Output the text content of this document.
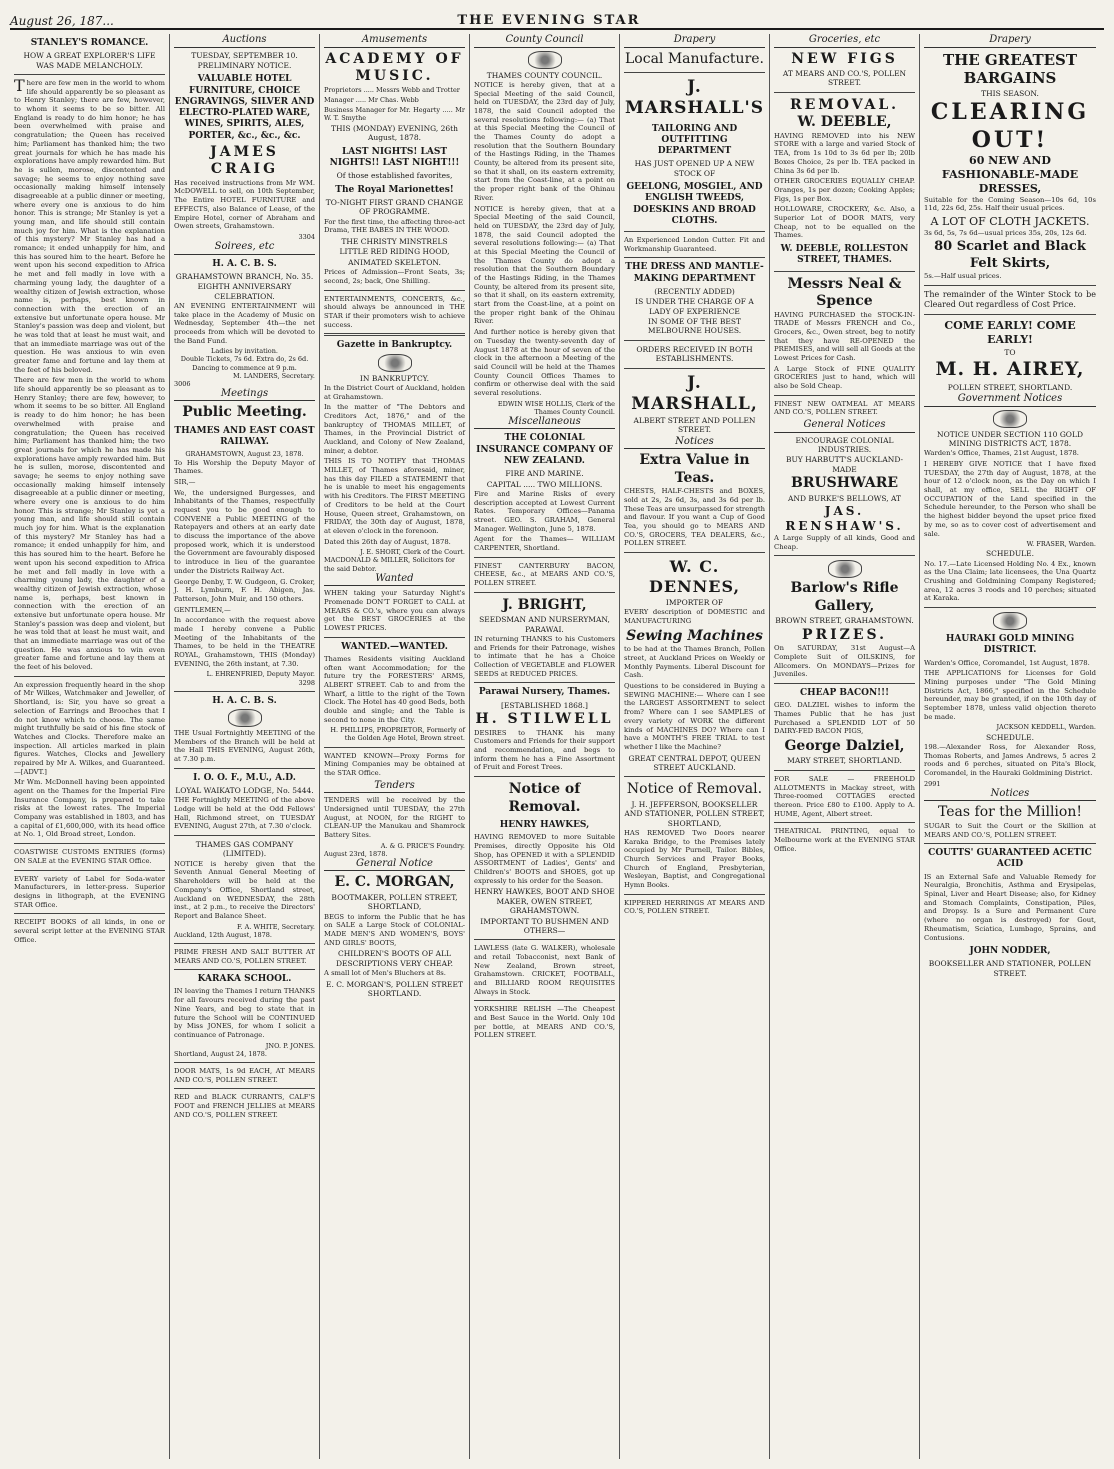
August 26, 187...	THE EVENING STAR
STANLEY'S ROMANCE.
HOW A GREAT EXPLORER'S LIFE WAS MADE MELANCHOLY.

There are few men in the world to whom life should apparently be so pleasant as to Henry Stanley; there are few, however, to whom it seems to be so bitter. All England is ready to do him honor; he has been overwhelmed with praise and congratulation; the Queen has received him; Parliament has thanked him; the two great journals for which he has made his explorations have amply rewarded him. But he is sullen, morose, discontented and savage; he seems to enjoy nothing save occasionally making himself intensely disagreeable at a public dinner or meeting, where every one is anxious to do him honor. This is strange; Mr Stanley is yet a young man, and life should still contain much joy for him. What is the explanation of this mystery? Mr Stanley has had a romance; it ended unhappily for him, and this has soured him to the heart. Before he went upon his second expedition to Africa he met and fell madly in love with a charming young lady, the daughter of a wealthy citizen of Jewish extraction, whose name is, perhaps, best known in connection with the erection of an extensive but unfortunate opera house. Mr Stanley's passion was deep and violent, but he was told that at least he must wait, and that an immediate marriage was out of the question. He was anxious to win even greater fame and fortune and lay them at the feet of his beloved.

There are few men in the world to whom life should apparently be so pleasant as to Henry Stanley; there are few, however, to whom it seems to be so bitter. All England is ready to do him honor; he has been overwhelmed with praise and congratulation; the Queen has received him; Parliament has thanked him; the two great journals for which he has made his explorations have amply rewarded him. But he is sullen, morose, discontented and savage; he seems to enjoy nothing save occasionally making himself intensely disagreeable at a public dinner or meeting, where every one is anxious to do him honor. This is strange; Mr Stanley is yet a young man, and life should still contain much joy for him. What is the explanation of this mystery? Mr Stanley has had a romance; it ended unhappily for him, and this has soured him to the heart. Before he went upon his second expedition to Africa he met and fell madly in love with a charming young lady, the daughter of a wealthy citizen of Jewish extraction, whose name is, perhaps, best known in connection with the erection of an extensive but unfortunate opera house. Mr Stanley's passion was deep and violent, but he was told that at least he must wait, and that an immediate marriage was out of the question. He was anxious to win even greater fame and fortune and lay them at the feet of his beloved.

An expression frequently heard in the shop of Mr Wilkes, Watchmaker and Jeweller, of Shortland, is: Sir, you have so great a selection of Earrings and Brooches that I do not know which to choose. The same might truthfully be said of his fine stock of Watches and Clocks. Therefore make an inspection. All articles marked in plain figures. Watches, Clocks and Jewellery repaired by Mr A. Wilkes, and Guaranteed.—[ADVT.]

Mr Wm. McDonnell having been appointed agent on the Thames for the Imperial Fire Insurance Company, is prepared to take risks at the lowest rates. The Imperial Company was established in 1803, and has a capital of £1,600,000, with its head office at No. 1, Old Broad street, London.

COASTWISE CUSTOMS ENTRIES (forms) ON SALE at the EVENING STAR Office.

EVERY variety of Label for Soda-water Manufacturers, in letter-press. Superior designs in lithograph, at the EVENING STAR Office.

RECEIPT BOOKS of all kinds, in one or several script letter at the EVENING STAR Office.

Auctions
TUESDAY, SEPTEMBER 10.
PRELIMINARY NOTICE.
VALUABLE HOTEL FURNITURE, CHOICE ENGRAVINGS, SILVER AND ELECTRO-PLATED WARE, WINES, SPIRITS, ALES, PORTER, &c., &c., &c.
JAMES CRAIG

Has received instructions from Mr WM. McDOWELL to sell, on 10th September, The Entire HOTEL FURNITURE and EFFECTS, also Balance of Lease, of the Empire Hotel, corner of Abraham and Owen streets, Grahamstown.

3304
Soirees, etc
H. A. C. B. S.
GRAHAMSTOWN BRANCH, No. 35.
EIGHTH ANNIVERSARY CELEBRATION.

AN EVENING ENTERTAINMENT will take place in the Academy of Music on Wednesday, September 4th—the net proceeds from which will be devoted to the Band Fund.

Ladies by invitation.
Double Tickets, 7s 6d. Extra do, 2s 6d.
Dancing to commence at 9 p.m.
M. LANDERS, Secretary.
3006
Meetings
Public Meeting.
THAMES AND EAST COAST RAILWAY.
GRAHAMSTOWN, August 23, 1878.

To His Worship the Deputy Mayor of Thames.

SIR,—

We, the undersigned Burgesses, and Inhabitants of the Thames, respectfully request you to be good enough to CONVENE a Public MEETING of the Ratepayers and others at an early date to discuss the importance of the above proposed work, which it is understood the Government are favourably disposed to introduce in lieu of the guarantee under the Districts Railway Act.

George Denby, T. W. Gudgeon, G. Croker, J. H. Lymburn, F. H. Abigen, Jas. Patterson, John Muir, and 150 others.

GENTLEMEN,—

In accordance with the request above made I hereby convene a Public Meeting of the Inhabitants of the Thames, to be held in the THEATRE ROYAL, Grahamstown, THIS (Monday) EVENING, the 26th instant, at 7.30.

L. EHRENFRIED, Deputy Mayor.
3298
H. A. C. B. S.

THE Usual Fortnightly MEETING of the Members of the Branch will be held at the Hall THIS EVENING, August 26th, at 7.30 p.m.

I. O. O. F., M.U., A.D.
LOYAL WAIKATO LODGE, No. 5444.

THE Fortnightly MEETING of the above Lodge will be held at the Odd Fellows' Hall, Richmond street, on TUESDAY EVENING, August 27th, at 7.30 o'clock.

THAMES GAS COMPANY (LIMITED).

NOTICE is hereby given that the Seventh Annual General Meeting of Shareholders will be held at the Company's Office, Shortland street, Auckland on WEDNESDAY, the 28th inst., at 2 p.m., to receive the Directors' Report and Balance Sheet.

F. A. WHITE, Secretary.
Auckland, 12th August, 1878.

PRIME FRESH AND SALT BUTTER AT MEARS AND CO.'S, POLLEN STREET.

KARAKA SCHOOL.

IN leaving the Thames I return THANKS for all favours received during the past Nine Years, and beg to state that in future the School will be CONTINUED by Miss JONES, for whom I solicit a continuance of Patronage.

JNO. P. JONES.
Shortland, August 24, 1878.

DOOR MATS, 1s 9d EACH, AT MEARS AND CO.'S, POLLEN STREET.

RED and BLACK CURRANTS, CALF'S FOOT and FRENCH JELLIES at MEARS AND CO.'S, POLLEN STREET.

Amusements
ACADEMY OF MUSIC.

Proprietors ..... Messrs Webb and Trotter

Manager ..... Mr Chas. Webb

Business Manager for Mr. Hegarty ..... Mr W. T. Smythe

THIS (MONDAY) EVENING, 26th August, 1878.
LAST NIGHTS! LAST NIGHTS!! LAST NIGHT!!!
Of those established favorites,
The Royal Marionettes!
TO-NIGHT FIRST GRAND CHANGE OF PROGRAMME.

For the first time, the affecting three-act Drama, THE BABES IN THE WOOD.

THE CHRISTY MINSTRELS
LITTLE RED RIDING HOOD,
ANIMATED SKELETON.

Prices of Admission—Front Seats, 3s; second, 2s; back, One Shilling.

ENTERTAINMENTS, CONCERTS, &c., should always be announced in THE STAR if their promoters wish to achieve success.

Gazette in Bankruptcy.
IN BANKRUPTCY.

In the District Court of Auckland, holden at Grahamstown.

In the matter of "The Debtors and Creditors Act, 1876," and of the bankruptcy of THOMAS MILLET, of Thames, in the Provincial District of Auckland, and Colony of New Zealand, miner, a debtor.

THIS IS TO NOTIFY that THOMAS MILLET, of Thames aforesaid, miner, has this day FILED a STATEMENT that he is unable to meet his engagements with his Creditors. The FIRST MEETING of Creditors to be held at the Court House, Queen street, Grahamstown, on FRIDAY, the 30th day of August, 1878, at eleven o'clock in the forenoon.

Dated this 26th day of August, 1878.

J. E. SHORT, Clerk of the Court.
MACDONALD & MILLER, Solicitors for the said Debtor.
Wanted

WHEN taking your Saturday Night's Promenade DON'T FORGET to CALL at MEARS & CO.'s, where you can always get the BEST GROCERIES at the LOWEST PRICES.

WANTED.—WANTED.

Thames Residents visiting Auckland often want Accommodation; for the future try the FORESTERS' ARMS, ALBERT STREET. Cab to and from the Wharf, a little to the right of the Town Clock. The Hotel has 40 good Beds, both double and single; and the Table is second to none in the City.

H. PHILLIPS, PROPRIETOR, Formerly of the Golden Age Hotel, Brown street.

WANTED KNOWN—Proxy Forms for Mining Companies may be obtained at the STAR Office.

Tenders

TENDERS will be received by the Undersigned until TUESDAY, the 27th August, at NOON, for the RIGHT to CLEAN-UP the Manukau and Shamrock Battery Sites.

A. & G. PRICE'S Foundry.
August 23rd, 1878.
General Notice
E. C. MORGAN,
BOOTMAKER, POLLEN STREET, SHORTLAND,

BEGS to inform the Public that he has on SALE a Large Stock of COLONIAL-MADE MEN'S AND WOMEN'S, BOYS' AND GIRLS' BOOTS,

CHILDREN'S BOOTS OF ALL DESCRIPTIONS VERY CHEAP.

A small lot of Men's Bluchers at 8s.

E. C. MORGAN'S, POLLEN STREET SHORTLAND.
County Council
THAMES COUNTY COUNCIL.

NOTICE is hereby given, that at a Special Meeting of the said Council, held on TUESDAY, the 23rd day of July, 1878, the said Council adopted the several resolutions following:— (a) That at this Special Meeting the Council of the Thames County do adopt a resolution that the Southern Boundary of the Hastings Riding, in the Thames County, be altered from its present site, so that it shall, on its eastern extremity, start from the Coast-line, at a point on the proper right bank of the Ohinau River.

NOTICE is hereby given, that at a Special Meeting of the said Council, held on TUESDAY, the 23rd day of July, 1878, the said Council adopted the several resolutions following:— (a) That at this Special Meeting the Council of the Thames County do adopt a resolution that the Southern Boundary of the Hastings Riding, in the Thames County, be altered from its present site, so that it shall, on its eastern extremity, start from the Coast-line, at a point on the proper right bank of the Ohinau River.

And further notice is hereby given that on Tuesday the twenty-seventh day of August 1878 at the hour of seven of the clock in the afternoon a Meeting of the said Council will be held at the Thames County Council Offices Thames to confirm or otherwise deal with the said several resolutions.

EDWIN WISE HOLLIS, Clerk of the Thames County Council.
Miscellaneous
THE COLONIAL INSURANCE COMPANY OF NEW ZEALAND.
FIRE AND MARINE.
CAPITAL ..... TWO MILLIONS.

Fire and Marine Risks of every description accepted at Lowest Current Rates. Temporary Offices—Panama street. GEO. S. GRAHAM, General Manager. Wellington, June 5, 1878.

Agent for the Thames— WILLIAM CARPENTER, Shortland.

FINEST CANTERBURY BACON, CHEESE, &c., at MEARS AND CO.'S, POLLEN STREET.

J. BRIGHT,
SEEDSMAN AND NURSERYMAN, PARAWAI.

IN returning THANKS to his Customers and Friends for their Patronage, wishes to intimate that he has a Choice Collection of VEGETABLE and FLOWER SEEDS at REDUCED PRICES.

Parawai Nursery, Thames.
[ESTABLISHED 1868.]
H. STILWELL

DESIRES to THANK his many Customers and Friends for their support and recommendation, and begs to inform them he has a Fine Assortment of Fruit and Forest Trees.

Notice of Removal.
HENRY HAWKES,

HAVING REMOVED to more Suitable Premises, directly Opposite his Old Shop, has OPENED it with a SPLENDID ASSORTMENT of Ladies', Gents' and Children's' BOOTS and SHOES, got up expressly to his order for the Season.

HENRY HAWKES, BOOT AND SHOE MAKER, OWEN STREET, GRAHAMSTOWN.
IMPORTANT TO BUSHMEN AND OTHERS—

LAWLESS (late G. WALKER), wholesale and retail Tobacconist, next Bank of New Zealand, Brown street, Grahamstown. CRICKET, FOOTBALL, and BILLIARD ROOM REQUISITES Always in Stock.

YORKSHIRE RELISH —The Cheapest and Best Sauce in the World. Only 10d per bottle, at MEARS AND CO.'S, POLLEN STREET.

Drapery
Local Manufacture.
J. MARSHALL'S
TAILORING AND OUTFITTING DEPARTMENT
HAS JUST OPENED UP A NEW STOCK OF
GEELONG, MOSGIEL, AND ENGLISH TWEEDS, DOESKINS AND BROAD CLOTHS.

An Experienced London Cutter. Fit and Workmanship Guaranteed.

THE DRESS AND MANTLE-MAKING DEPARTMENT
(RECENTLY ADDED)
IS UNDER THE CHARGE OF A LADY OF EXPERIENCE
IN SOME OF THE BEST MELBOURNE HOUSES.
ORDERS RECEIVED IN BOTH ESTABLISHMENTS.
J. MARSHALL,
ALBERT STREET AND POLLEN STREET.
Notices
Extra Value in Teas.

CHESTS, HALF-CHESTS and BOXES, sold at 2s, 2s 6d, 3s, and 3s 6d per lb. These Teas are unsurpassed for strength and flavour. If you want a Cup of Good Tea, you should go to MEARS AND CO.'S, GROCERS, TEA DEALERS, &c., POLLEN STREET.

W. C. DENNES,
IMPORTER OF

EVERY description of DOMESTIC and MANUFACTURING

Sewing Machines

to be had at the Thames Branch, Pollen street, at Auckland Prices on Weekly or Monthly Payments. Liberal Discount for Cash.

Questions to be considered in Buying a SEWING MACHINE:— Where can I see the LARGEST ASSORTMENT to select from? Where can I see SAMPLES of every variety of WORK the different kinds of MACHINES DO? Where can I have a MONTH'S FREE TRIAL to test whether I like the Machine?

GREAT CENTRAL DEPOT, QUEEN STREET AUCKLAND.
Notice of Removal.
J. H. JEFFERSON, BOOKSELLER AND STATIONER, POLLEN STREET, SHORTLAND,

HAS REMOVED Two Doors nearer Karaka Bridge, to the Premises lately occupied by Mr Purnell, Tailor. Bibles, Church Services and Prayer Books, Church of England, Presbyterian, Wesleyan, Baptist, and Congregational Hymn Books.

KIPPERED HERRINGS AT MEARS AND CO.'S, POLLEN STREET.

Groceries, etc
NEW FIGS
AT MEARS AND CO.'S, POLLEN STREET.
REMOVAL.
W. DEEBLE,

HAVING REMOVED into his NEW STORE with a large and varied Stock of TEA, from 1s 10d to 3s 6d per lb; 20lb Boxes Choice, 2s per lb. TEA packed in China 3s 6d per lb.

OTHER GROCERIES EQUALLY CHEAP. Oranges, 1s per dozen; Cooking Apples; Figs, 1s per Box.

HOLLOWARE, CROCKERY, &c. Also, a Superior Lot of DOOR MATS, very Cheap, not to be equalled on the Thames.

W. DEEBLE, ROLLESTON STREET, THAMES.
Messrs Neal & Spence

HAVING PURCHASED the STOCK-IN-TRADE of Messrs FRENCH and Co., Grocers, &c., Owen street, beg to notify that they have RE-OPENED the PREMISES, and will sell all Goods at the Lowest Prices for Cash.

A Large Stock of FINE QUALITY GROCERIES just to hand, which will also be Sold Cheap.

FINEST NEW OATMEAL AT MEARS AND CO.'S, POLLEN STREET.

General Notices
ENCOURAGE COLONIAL INDUSTRIES.
BUY HARBUTT'S AUCKLAND-MADE
BRUSHWARE
AND BURKE'S BELLOWS, AT
JAS. RENSHAW'S.

A Large Supply of all kinds, Good and Cheap.

Barlow's Rifle Gallery,
BROWN STREET, GRAHAMSTOWN.
PRIZES.

On SATURDAY, 31st August—A Complete Suit of OILSKINS, for Allcomers. On MONDAYS—Prizes for Juveniles.

CHEAP BACON!!!

GEO. DALZIEL wishes to inform the Thames Public that he has just Purchased a SPLENDID LOT of 50 DAIRY-FED BACON PIGS,

George Dalziel,
MARY STREET, SHORTLAND.

FOR SALE — FREEHOLD ALLOTMENTS in Mackay street, with Three-roomed COTTAGES erected thereon. Price £80 to £100. Apply to A. HUME, Agent, Albert street.

THEATRICAL PRINTING, equal to Melbourne work at the EVENING STAR Office.

Drapery
THE GREATEST BARGAINS
THIS SEASON.
CLEARING OUT!
60 NEW AND FASHIONABLE-MADE DRESSES,

Suitable for the Coming Season—10s 6d, 10s 11d, 22s 6d, 25s. Half their usual prices.

A LOT OF CLOTH JACKETS.

3s 6d, 5s, 7s 6d—usual prices 35s, 20s, 12s 6d.

80 Scarlet and Black Felt Skirts,

5s.—Half usual prices.

The remainder of the Winter Stock to be Cleared Out regardless of Cost Price.

COME EARLY! COME EARLY!
TO
M. H. AIREY,
POLLEN STREET, SHORTLAND.
Government Notices
NOTICE UNDER SECTION 110 GOLD MINING DISTRICTS ACT, 1878.

Warden's Office, Thames, 21st August, 1878.

I HEREBY GIVE NOTICE that I have fixed TUESDAY, the 27th day of August, 1878, at the hour of 12 o'clock noon, as the Day on which I shall, at my office, SELL the RIGHT OF OCCUPATION of the Land specified in the Schedule hereunder, to the Person who shall be the highest bidder beyond the upset price fixed by me, so as to cover cost of advertisement and sale.

W. FRASER, Warden.
SCHEDULE.

No. 17.—Late Licensed Holding No. 4 Ex., known as the Una Claim; late licensees, the Una Quartz Crushing and Goldmining Company Registered; area, 12 acres 3 roods and 10 perches; situated at Karaka.

HAURAKI GOLD MINING DISTRICT.

Warden's Office, Coromandel, 1st August, 1878.

THE APPLICATIONS for Licenses for Gold Mining purposes under "The Gold Mining Districts Act, 1866," specified in the Schedule hereunder, may be granted, if on the 10th day of September 1878, unless valid objection thereto be made.

JACKSON KEDDELL, Warden.
SCHEDULE.

198.—Alexander Ross, for Alexander Ross, Thomas Roberts, and James Andrews, 5 acres 2 roods and 6 perches, situated on Pita's Block, Coromandel, in the Hauraki Goldmining District.

2991
Notices
Teas for the Million!

SUGAR to Suit the Court or the Skillion at MEARS AND CO.'S, POLLEN STREET.

COUTTS' GUARANTEED ACETIC ACID

IS an External Safe and Valuable Remedy for Neuralgia, Bronchitis, Asthma and Erysipelas, Spinal, Liver and Heart Disease; also, for Kidney and Stomach Complaints, Constipation, Piles, and Dropsy. Is a Sure and Permanent Cure (where no organ is destroyed) for Gout, Rheumatism, Sciatica, Lumbago, Sprains, and Contusions.

JOHN NODDER,
BOOKSELLER AND STATIONER, POLLEN STREET.
